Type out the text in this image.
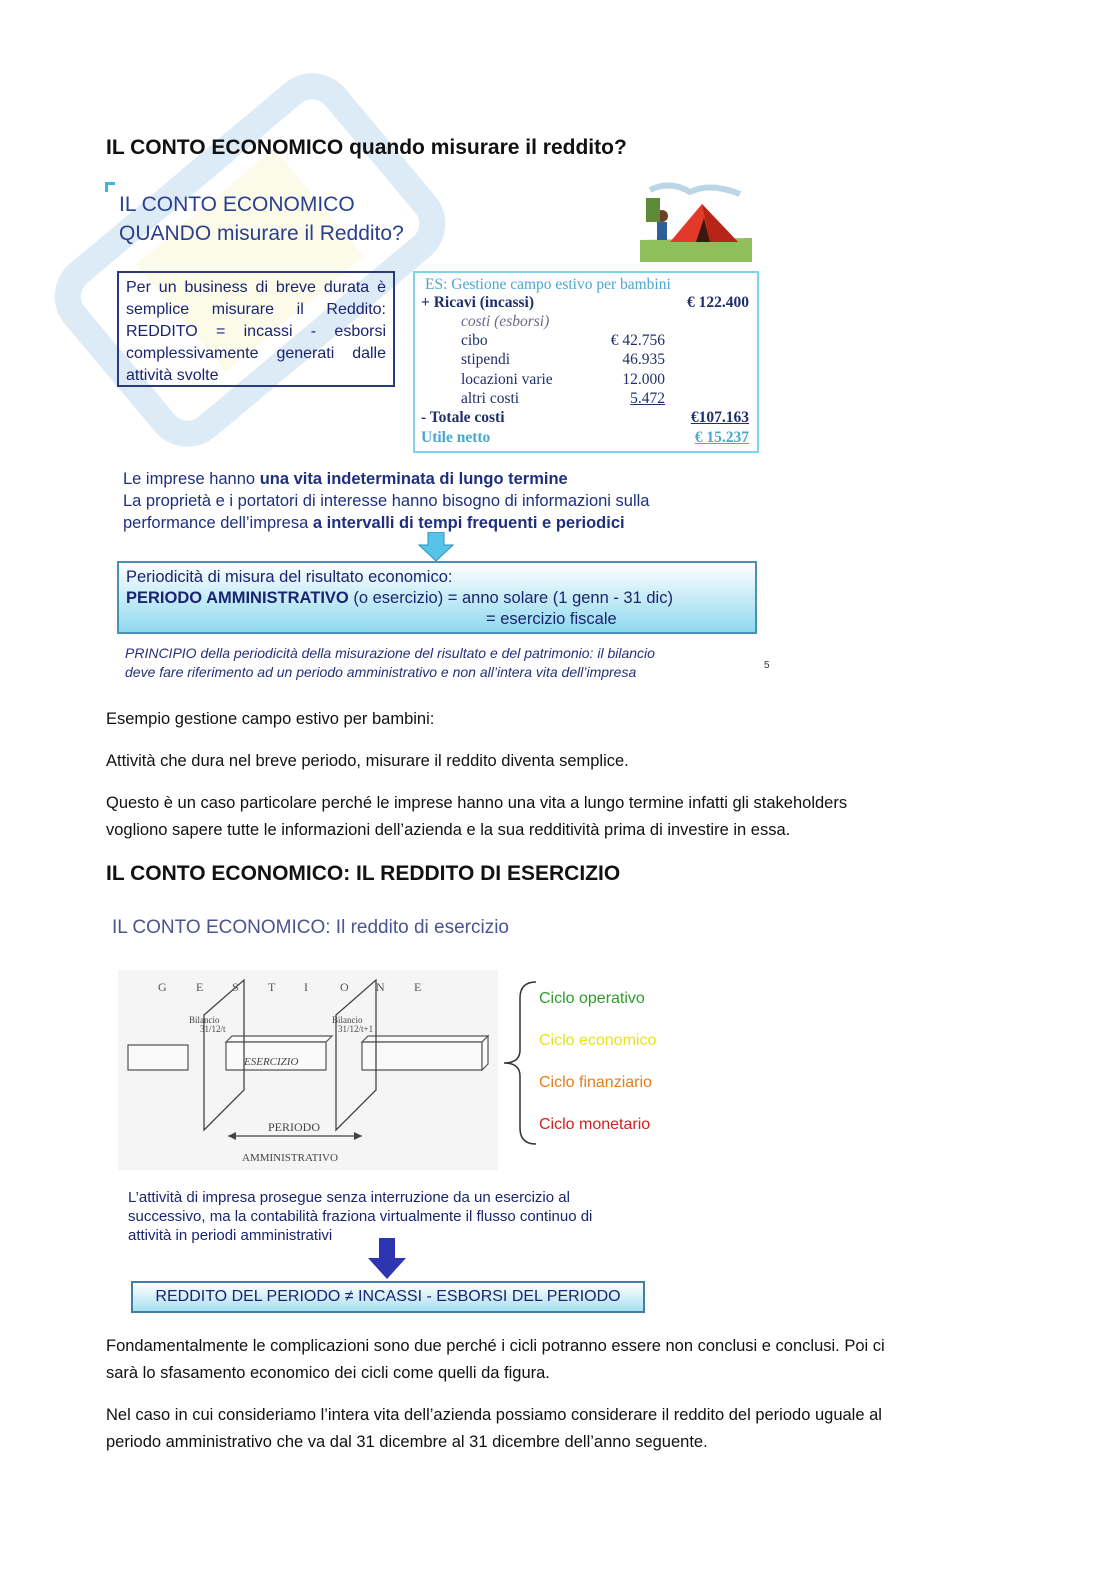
IL CONTO ECONOMICO quando misurare il reddito?
IL CONTO ECONOMICO
QUANDO misurare il Reddito?
Per un business di breve durata è semplice misurare il Reddito: REDDITO = incassi - esborsi complessivamente generati dalle attività svolte
ES: Gestione campo estivo per bambini
+ Ricavi (incassi)	€ 122.400
costi (esborsi)
cibo	€ 42.756
stipendi	46.935
locazioni varie	12.000
altri costi	5.472
- Totale costi	€107.163
Utile netto	€ 15.237
Le imprese hanno una vita indeterminata di lungo termine
La proprietà e i portatori di interesse hanno bisogno di informazioni sulla
performance dell’impresa a intervalli di tempi frequenti e periodici
Periodicità di misura del risultato economico:
PERIODO AMMINISTRATIVO (o esercizio) = anno solare (1 genn - 31 dic)
= esercizio fiscale
PRINCIPIO della periodicità della misurazione del risultato e del patrimonio: il bilancio
deve fare riferimento ad un periodo amministrativo e non all’intera vita dell’impresa	5
Esempio gestione campo estivo per bambini:
Attività che dura nel breve periodo, misurare il reddito diventa semplice.
Questo è un caso particolare perché le imprese hanno una vita a lungo termine infatti gli stakeholders
vogliono sapere tutte le informazioni dell’azienda e la sua redditività prima di investire in essa.
IL CONTO ECONOMICO: IL REDDITO DI ESERCIZIO
IL CONTO ECONOMICO: Il reddito di esercizio
G E S T I	O N E
Bilancio
31/12/t
Bilancio
31/12/t+1
ESERCIZIO
PERIODO
AMMINISTRATIVO
Ciclo operativo
Ciclo economico
Ciclo finanziario
Ciclo monetario
L’attività di impresa prosegue senza interruzione da un esercizio al
successivo, ma la contabilità fraziona virtualmente il flusso continuo di
attività in periodi amministrativi
REDDITO DEL PERIODO ≠ INCASSI - ESBORSI DEL PERIODO
Fondamentalmente le complicazioni sono due perché i cicli potranno essere non conclusi e conclusi. Poi ci
sarà lo sfasamento economico dei cicli come quelli da figura.
Nel caso in cui consideriamo l’intera vita dell’azienda possiamo considerare il reddito del periodo uguale al
periodo amministrativo che va dal 31 dicembre al 31 dicembre dell’anno seguente.
